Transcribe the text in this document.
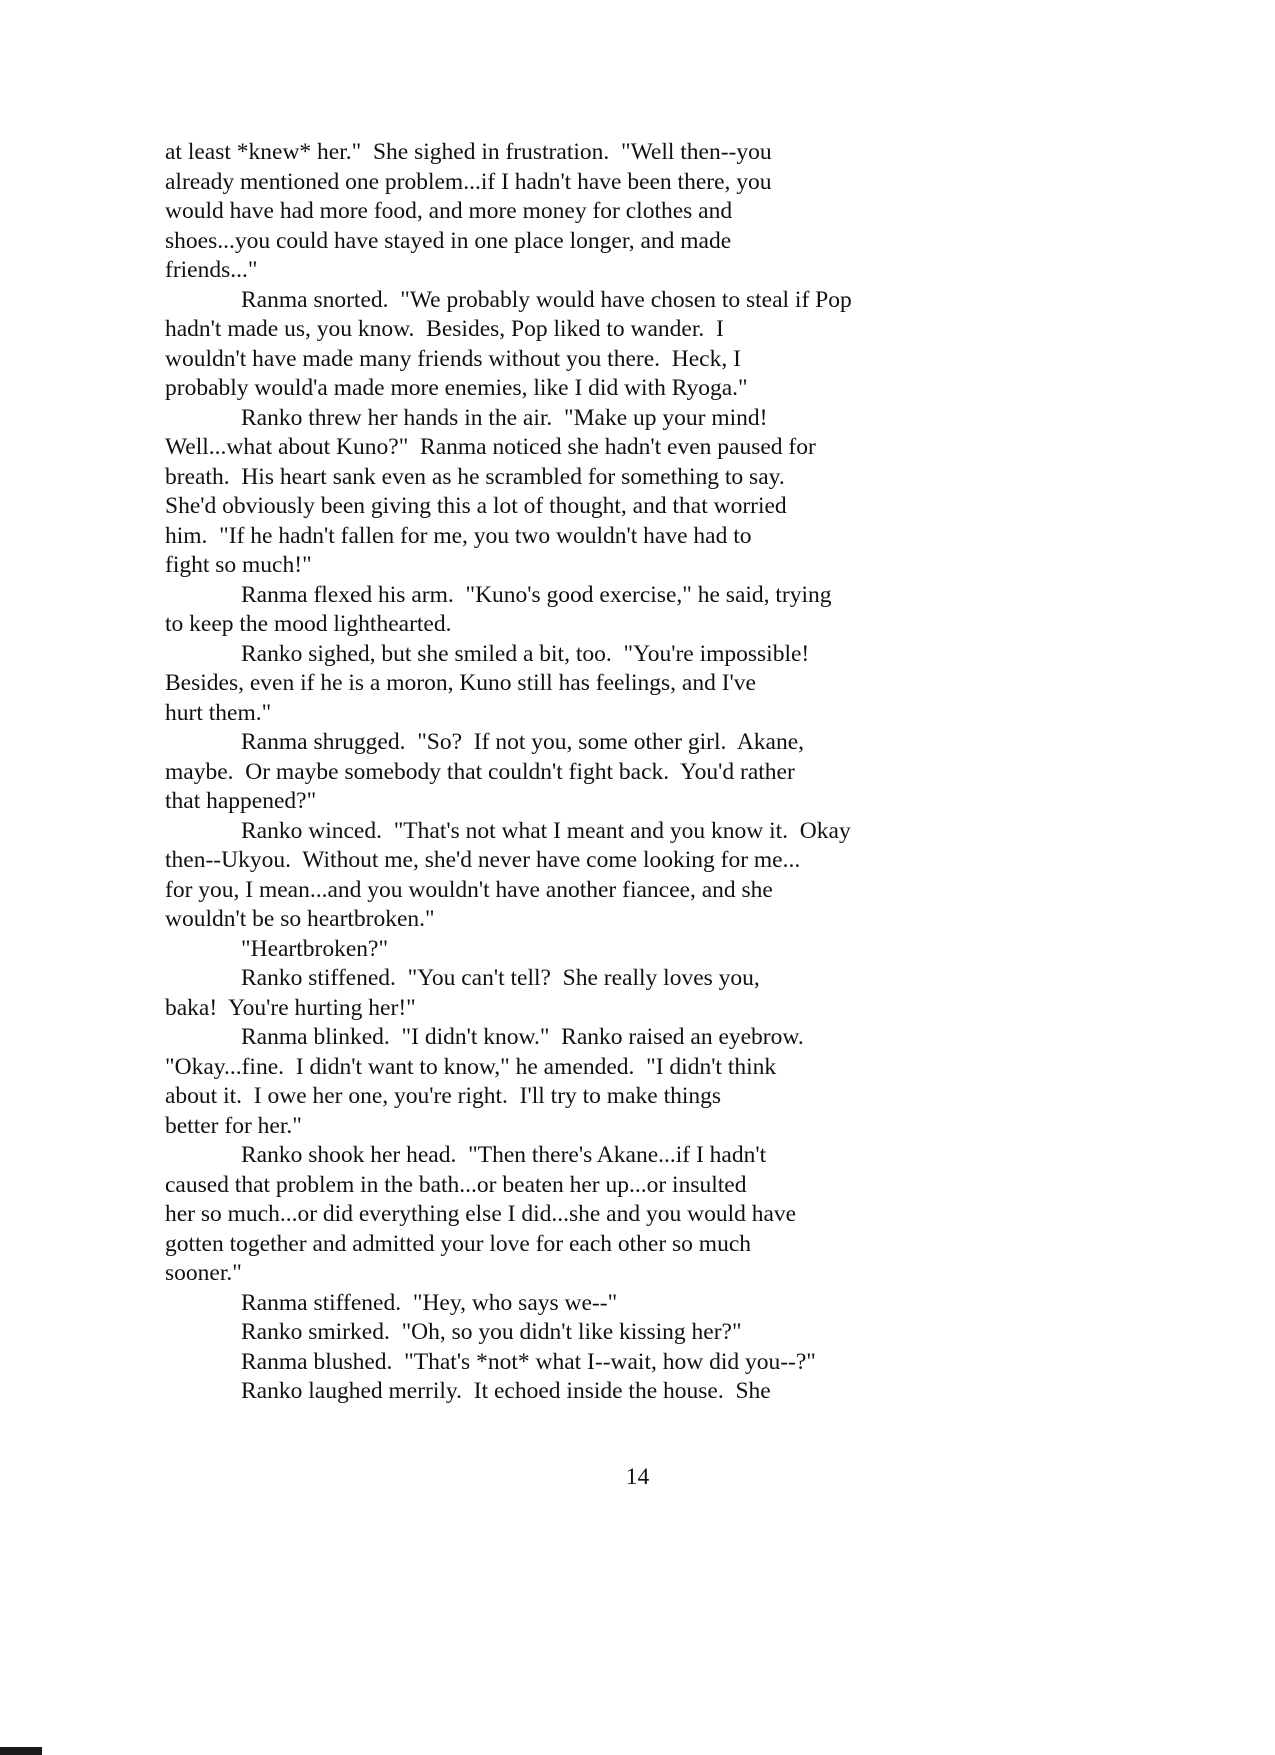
at least *knew* her."  She sighed in frustration.  "Well then--you
already mentioned one problem...if I hadn't have been there, you
would have had more food, and more money for clothes and
shoes...you could have stayed in one place longer, and made
friends..."
Ranma snorted.  "We probably would have chosen to steal if Pop
hadn't made us, you know.  Besides, Pop liked to wander.  I
wouldn't have made many friends without you there.  Heck, I
probably would'a made more enemies, like I did with Ryoga."
Ranko threw her hands in the air.  "Make up your mind!
Well...what about Kuno?"  Ranma noticed she hadn't even paused for
breath.  His heart sank even as he scrambled for something to say.
She'd obviously been giving this a lot of thought, and that worried
him.  "If he hadn't fallen for me, you two wouldn't have had to
fight so much!"
Ranma flexed his arm.  "Kuno's good exercise," he said, trying
to keep the mood lighthearted.
Ranko sighed, but she smiled a bit, too.  "You're impossible!
Besides, even if he is a moron, Kuno still has feelings, and I've
hurt them."
Ranma shrugged.  "So?  If not you, some other girl.  Akane,
maybe.  Or maybe somebody that couldn't fight back.  You'd rather
that happened?"
Ranko winced.  "That's not what I meant and you know it.  Okay
then--Ukyou.  Without me, she'd never have come looking for me...
for you, I mean...and you wouldn't have another fiancee, and she
wouldn't be so heartbroken."
"Heartbroken?"
Ranko stiffened.  "You can't tell?  She really loves you,
baka!  You're hurting her!"
Ranma blinked.  "I didn't know."  Ranko raised an eyebrow.
"Okay...fine.  I didn't want to know," he amended.  "I didn't think
about it.  I owe her one, you're right.  I'll try to make things
better for her."
Ranko shook her head.  "Then there's Akane...if I hadn't
caused that problem in the bath...or beaten her up...or insulted
her so much...or did everything else I did...she and you would have
gotten together and admitted your love for each other so much
sooner."
Ranma stiffened.  "Hey, who says we--"
Ranko smirked.  "Oh, so you didn't like kissing her?"
Ranma blushed.  "That's *not* what I--wait, how did you--?"
Ranko laughed merrily.  It echoed inside the house.  She
14
